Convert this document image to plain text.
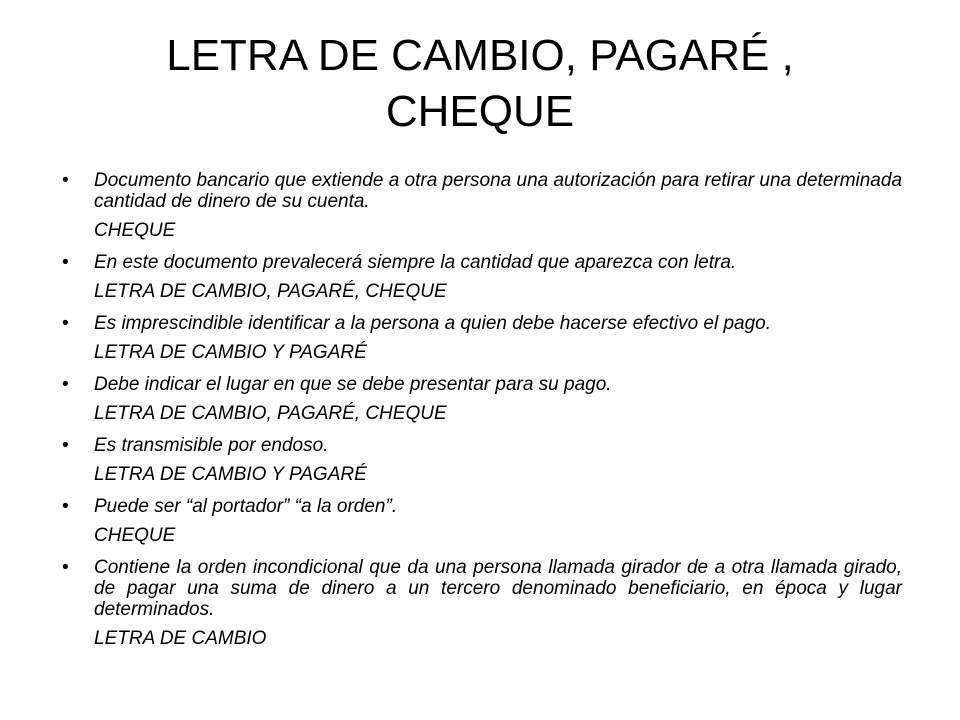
LETRA DE CAMBIO, PAGARÉ , CHEQUE
• Documento bancario que extiende a otra persona una autorización para retirar una determinada cantidad de dinero de su cuenta.
CHEQUE
• En este documento prevalecerá siempre la cantidad que aparezca con letra.
LETRA DE CAMBIO, PAGARÉ, CHEQUE
• Es imprescindible identificar a la persona a quien debe hacerse efectivo el pago.
LETRA DE CAMBIO Y PAGARÉ
• Debe indicar el lugar en que se debe presentar para su pago.
LETRA DE CAMBIO, PAGARÉ, CHEQUE
• Es transmisible por endoso.
LETRA DE CAMBIO Y PAGARÉ
• Puede ser “al portador” “a la orden”.
CHEQUE
• Contiene la orden incondicional que da una persona llamada girador de a otra llamada girado, de pagar una suma de dinero a un tercero denominado beneficiario, en época y lugar determinados.
LETRA DE CAMBIO
